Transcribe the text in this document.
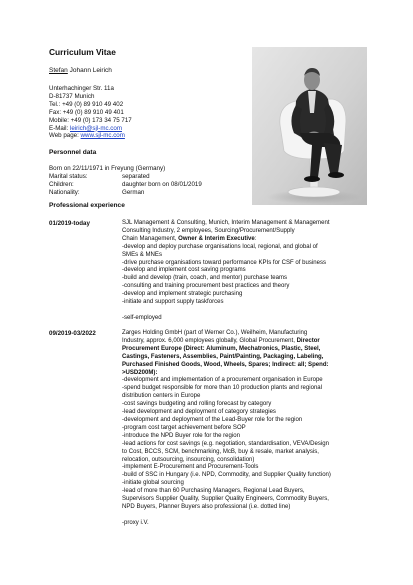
Curriculum Vitae
Stefan Johann Leirich
Unterhachinger Str. 11a
D-81737 Munich
Tel.: +49 (0) 89 910 49 402
Fax: +49 (0) 89 910 49 401
Mobile: +49 (0) 173 34 75 717
E-Mail: leirich@sjl-mc.com
Web page: www.sjl-mc.com
Personnel data
Born on 22/11/1971 in Freyung (Germany)
Marital status:	separated
Children:	daughter born on 08/01/2019
Nationality:	German
Professional experience
01/2019-today	SJL Management & Consulting, Munich, Interim Management & Management
Consulting Industry, 2 employees, Sourcing/Procurement/Supply
Chain Management, Owner & Interim Executive:
-develop and deploy purchase organisations local, regional, and global of
SMEs & MNEs
-drive purchase organisations toward performance KPIs for CSF of business
-develop and implement cost saving programs
-build and develop (train, coach, and mentor) purchase teams
-consulting and training procurement best practices and theory
-develop and implement strategic purchasing
-initiate and support supply taskforces

-self-employed
09/2019-03/2022	Zarges Holding GmbH (part of Werner Co.), Weilheim, Manufacturing
Industry, approx. 6,000 employees globally, Global Procurement, Director
Procurement Europe (Direct: Aluminum, Mechatronics, Plastic, Steel,
Castings, Fasteners, Assemblies, Paint/Painting, Packaging, Labeling,
Purchased Finished Goods, Wood, Wheels, Spares; Indirect: all; Spend:
>USD200M):
-development and implementation of a procurement organisation in Europe
-spend budget responsible for more than 10 production plants and regional
distribution centers in Europe
-cost savings budgeting and rolling forecast by category
-lead development and deployment of category strategies
-development and deployment of the Lead-Buyer role for the region
-program cost target achievement before SOP
-introduce the NPD Buyer role for the region
-lead actions for cost savings (e.g. negotiation, standardisation, VEVA/Design
to Cost, BCCS, SCM, benchmarking, McB, buy & resale, market analysis,
relocation, outsourcing, insourcing, consolidation)
-implement E-Procurement and Procurement-Tools
-build of SSC in Hungary (i.e. NPD, Commodity, and Supplier Quality function)
-initiate global sourcing
-lead of more than 60 Purchasing Managers, Regional Lead Buyers,
Supervisors Supplier Quality, Supplier Quality Engineers, Commodity Buyers,
NPD Buyers, Planner Buyers also professional (i.e. dotted line)

-proxy i.V.
